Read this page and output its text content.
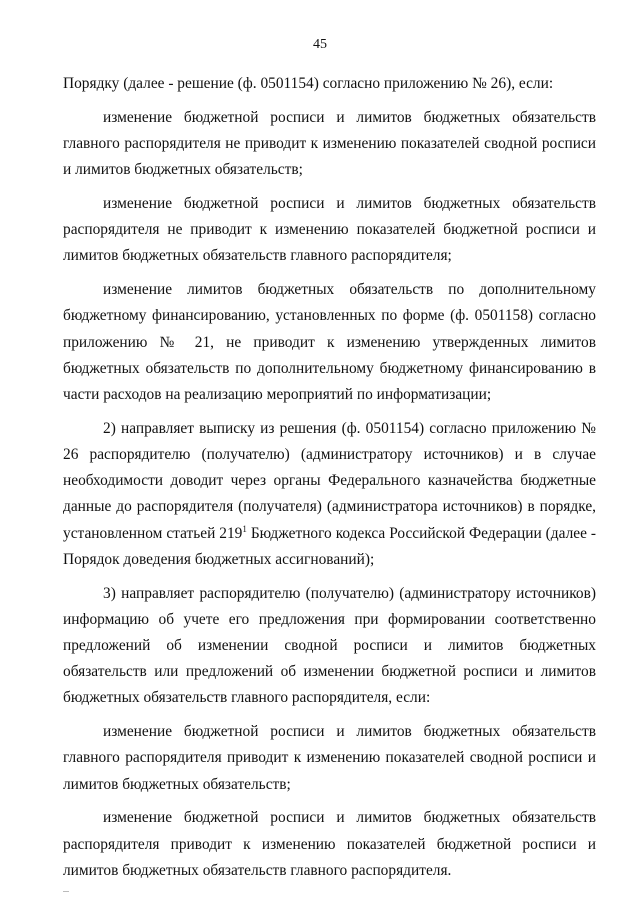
45

Порядку (далее - решение (ф. 0501154) согласно приложению № 26), если:

изменение бюджетной росписи и лимитов бюджетных обязательств главного распорядителя не приводит к изменению показателей сводной росписи и лимитов бюджетных обязательств;

изменение бюджетной росписи и лимитов бюджетных обязательств распорядителя не приводит к изменению показателей бюджетной росписи и лимитов бюджетных обязательств главного распорядителя;

изменение лимитов бюджетных обязательств по дополнительному бюджетному финансированию, установленных по форме (ф. 0501158) согласно приложению № 21, не приводит к изменению утвержденных лимитов бюджетных обязательств по дополнительному бюджетному финансированию в части расходов на реализацию мероприятий по информатизации;

2) направляет выписку из решения (ф. 0501154) согласно приложению № 26 распорядителю (получателю) (администратору источников) и в случае необходимости доводит через органы Федерального казначейства бюджетные данные до распорядителя (получателя) (администратора источников) в порядке, установленном статьей $219^1$ Бюджетного кодекса Российской Федерации (далее - Порядок доведения бюджетных ассигнований);

3) направляет распорядителю (получателю) (администратору источников) информацию об учете его предложения при формировании соответственно предложений об изменении сводной росписи и лимитов бюджетных обязательств или предложений об изменении бюджетной росписи и лимитов бюджетных обязательств главного распорядителя, если:

изменение бюджетной росписи и лимитов бюджетных обязательств главного распорядителя приводит к изменению показателей сводной росписи и лимитов бюджетных обязательств;

изменение бюджетной росписи и лимитов бюджетных обязательств распорядителя приводит к изменению показателей бюджетной росписи и лимитов бюджетных обязательств главного распорядителя.
